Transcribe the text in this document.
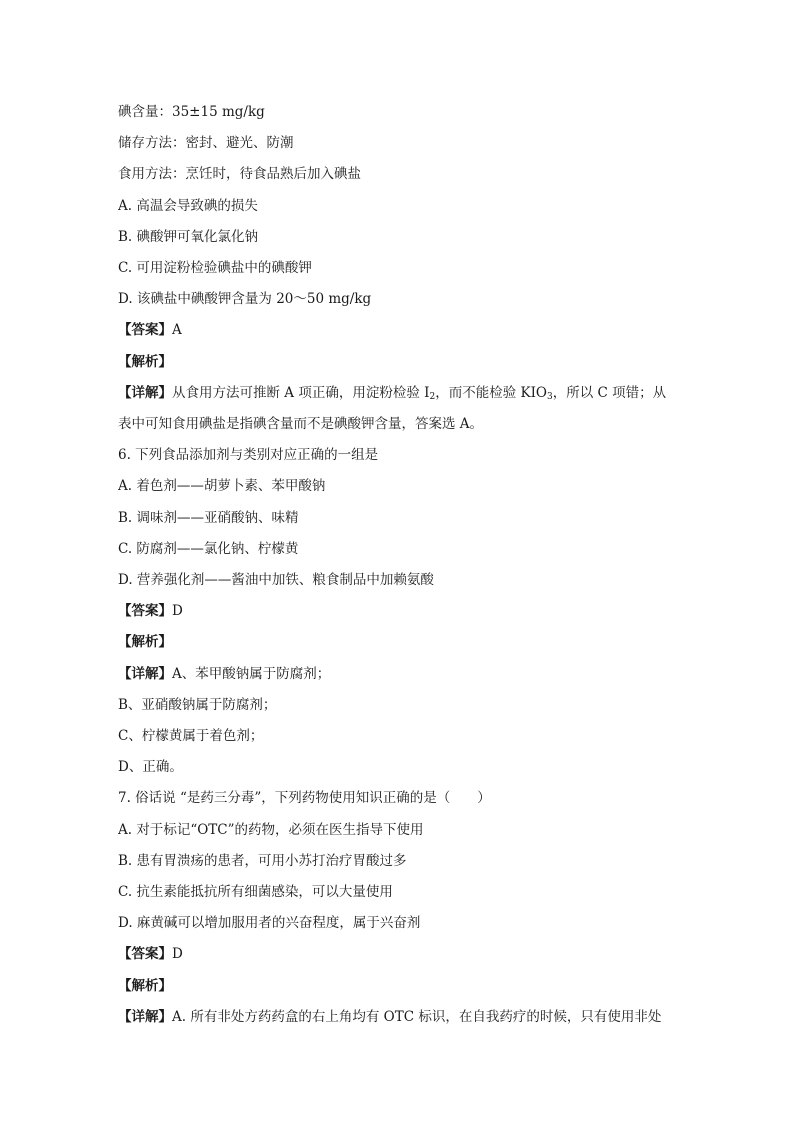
碘含量：35±15 mg/kg
储存方法：密封、避光、防潮
食用方法：烹饪时，待食品熟后加入碘盐
A. 高温会导致碘的损失
B. 碘酸钾可氧化氯化钠
C. 可用淀粉检验碘盐中的碘酸钾
D. 该碘盐中碘酸钾含量为 20～50 mg/kg
【答案】A
【解析】
【详解】从食用方法可推断 A 项正确，用淀粉检验 $I_2$，而不能检验 $KIO_3$，所以 C 项错；从
表中可知食用碘盐是指碘含量而不是碘酸钾含量，答案选 A。
6. 下列食品添加剂与类别对应正确的一组是
A. 着色剂——胡萝卜素、苯甲酸钠
B. 调味剂——亚硝酸钠、味精
C. 防腐剂——氯化钠、柠檬黄
D. 营养强化剂——酱油中加铁、粮食制品中加赖氨酸
【答案】D
【解析】
【详解】A、苯甲酸钠属于防腐剂；
B、亚硝酸钠属于防腐剂；
C、柠檬黄属于着色剂；
D、正确。
7. 俗话说 “是药三分毒”，下列药物使用知识正确的是（　　）
A. 对于标记“OTC”的药物，必须在医生指导下使用
B. 患有胃溃疡的患者，可用小苏打治疗胃酸过多
C. 抗生素能抵抗所有细菌感染，可以大量使用
D. 麻黄碱可以增加服用者的兴奋程度，属于兴奋剂
【答案】D
【解析】
【详解】A. 所有非处方药药盒的右上角均有 OTC 标识，在自我药疗的时候，只有使用非处
